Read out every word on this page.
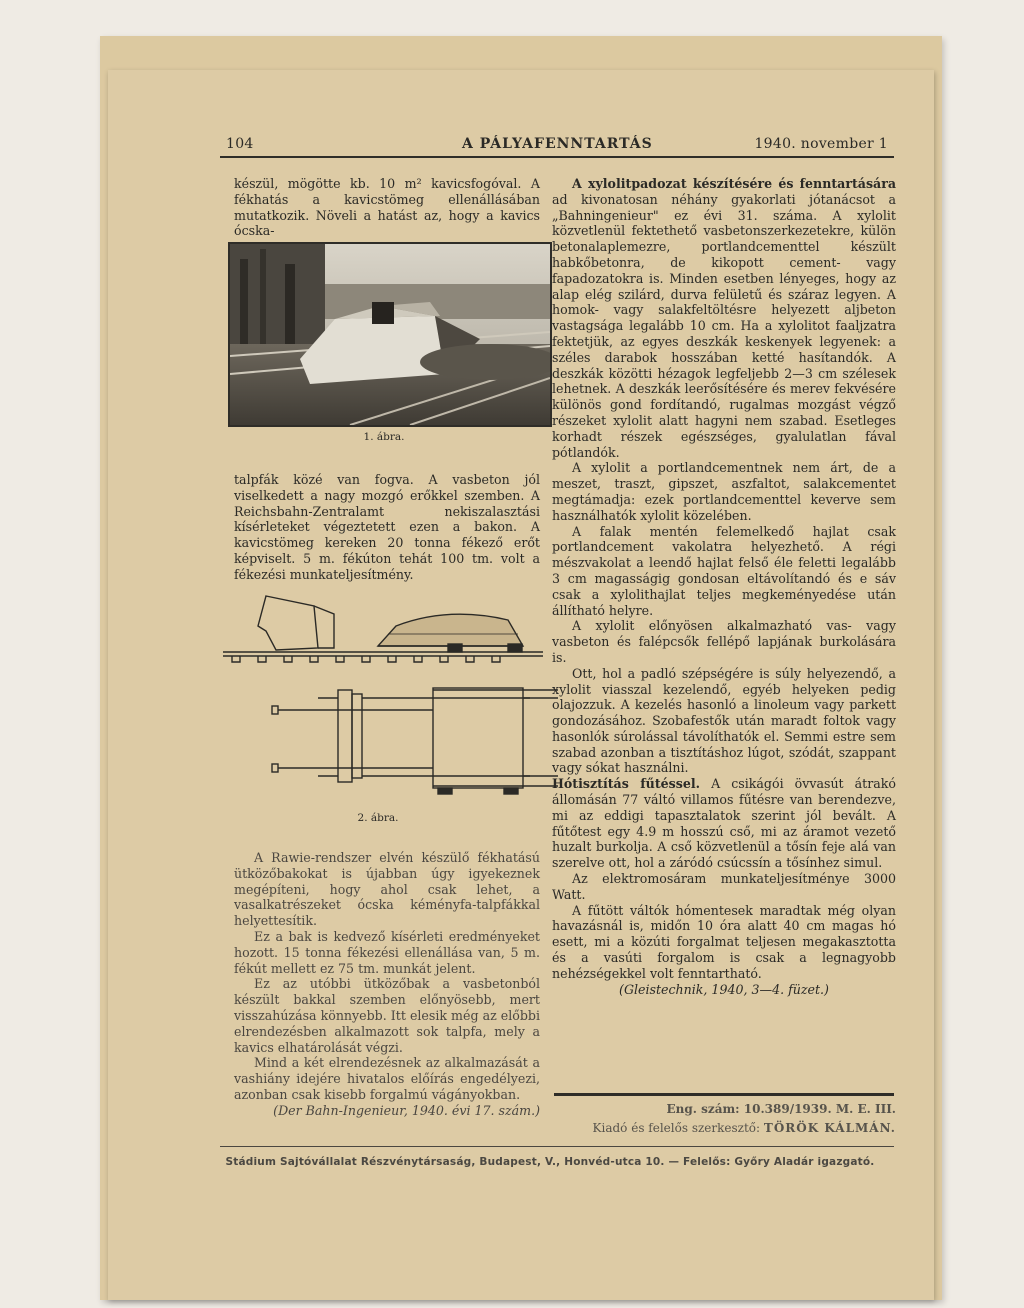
104	A PÁLYAFENNTARTÁS	1940. november 1

készül, mögötte kb. 10 m² kavicsfogóval. A fékhatás a kavicstömeg ellenállásában mutatkozik. Növeli a hatást az, hogy a kavics ócska-

1. ábra.

talpfák közé van fogva. A vasbeton jól viselkedett a nagy mozgó erőkkel szemben. A Reichsbahn-Zentralamt nekiszalasztási kísérleteket végeztetett ezen a bakon. A kavicstömeg kereken 20 tonna fékező erőt képviselt. 5 m. fékúton tehát 100 tm. volt a fékezési munkateljesítmény.

2. ábra.

A Rawie-rendszer elvén készülő fékhatású ütközőbakokat is újabban úgy igyekeznek megépíteni, hogy ahol csak lehet, a vasalkatrészeket ócska kéményfa-talpfákkal helyettesítik.

Ez a bak is kedvező kísérleti eredményeket hozott. 15 tonna fékezési ellenállása van, 5 m. fékút mellett ez 75 tm. munkát jelent.

Ez az utóbbi ütközőbak a vasbetonból készült bakkal szemben előnyösebb, mert visszahúzása könnyebb. Itt elesik még az előbbi elrendezésben alkalmazott sok talpfa, mely a kavics elhatárolását végzi.

Mind a két elrendezésnek az alkalmazását a vashiány idejére hivatalos előírás engedélyezi, azonban csak kisebb forgalmú vágányokban.

(Der Bahn-Ingenieur, 1940. évi 17. szám.)

A xylolitpadozat készítésére és fenntartására ad kivonatosan néhány gyakorlati jótanácsot a „Bahningenieur" ez évi 31. száma. A xylolit közvetlenül fektethető vasbetonszerkezetekre, külön betonalaplemezre, portlandcementtel készült habkőbetonra, de kikopott cement- vagy fapadozatokra is. Minden esetben lényeges, hogy az alap elég szilárd, durva felületű és száraz legyen. A homok- vagy salakfeltöltésre helyezett aljbeton vastagsága legalább 10 cm. Ha a xylolitot faaljzatra fektetjük, az egyes deszkák keskenyek legyenek: a széles darabok hosszában ketté hasítandók. A deszkák közötti hézagok legfeljebb 2—3 cm szélesek lehetnek. A deszkák leerősítésére és merev fekvésére különös gond fordítandó, rugalmas mozgást végző részeket xylolit alatt hagyni nem szabad. Esetleges korhadt részek egészséges, gyalulatlan fával pótlandók.

A xylolit a portlandcementnek nem árt, de a meszet, traszt, gipszet, aszfaltot, salakcementet megtámadja: ezek portlandcementtel keverve sem használhatók xylolit közelében.

A falak mentén felemelkedő hajlat csak portlandcement vakolatra helyezhető. A régi mészvakolat a leendő hajlat felső éle feletti legalább 3 cm magasságig gondosan eltávolítandó és e sáv csak a xylolithajlat teljes megkeményedése után állítható helyre.

A xylolit előnyösen alkalmazható vas- vagy vasbeton és falépcsők fellépő lapjának burkolására is.

Ott, hol a padló szépségére is súly helyezendő, a xylolit viasszal kezelendő, egyéb helyeken pedig olajozzuk. A kezelés hasonló a linoleum vagy parkett gondozásához. Szobafestők után maradt foltok vagy hasonlók súrolással távolíthatók el. Semmi estre sem szabad azonban a tisztításhoz lúgot, szódát, szappant vagy sókat használni.

Hótisztítás fűtéssel. A csikágói övvasút átrakó állomásán 77 váltó villamos fűtésre van berendezve, mi az eddigi tapasztalatok szerint jól bevált. A fűtőtest egy 4.9 m hosszú cső, mi az áramot vezető huzalt burkolja. A cső közvetlenül a tősín feje alá van szerelve ott, hol a záródó csúcssín a tősínhez simul.

Az elektromosáram munkateljesítménye 3000 Watt.

A fűtött váltók hómentesek maradtak még olyan havazásnál is, midőn 10 óra alatt 40 cm magas hó esett, mi a közúti forgalmat teljesen megakasztotta és a vasúti forgalom is csak a legnagyobb nehézségekkel volt fenntartható.

(Gleistechnik, 1940, 3—4. füzet.)

Eng. szám: 10.389/1939. M. E. III.
Kiadó és felelős szerkesztő: TÖRÖK KÁLMÁN.
Stádium Sajtóvállalat Részvénytársaság, Budapest, V., Honvéd-utca 10. — Felelős: Győry Aladár igazgató.
